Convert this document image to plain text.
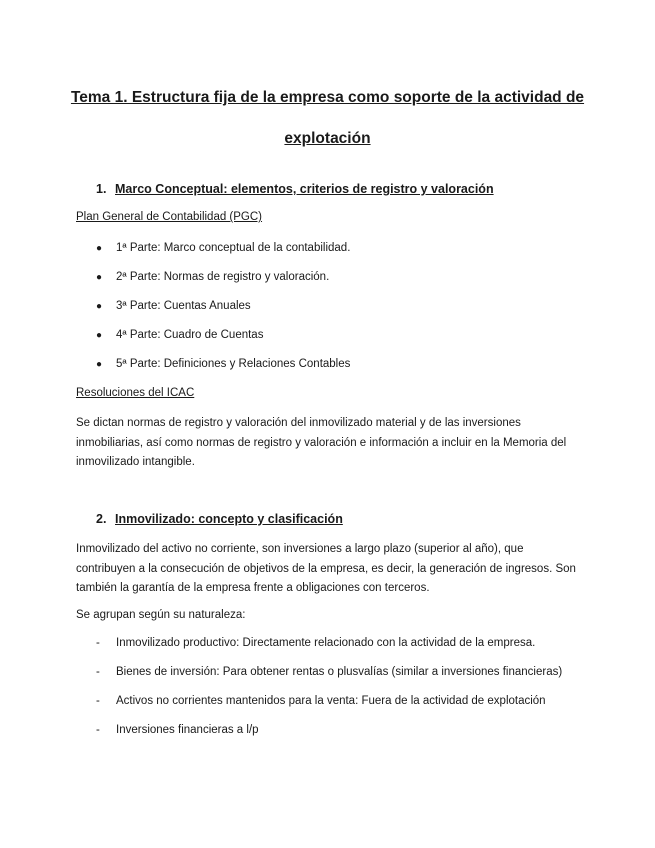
Tema 1. Estructura fija de la empresa como soporte de la actividad de
explotación
1. Marco Conceptual: elementos, criterios de registro y valoración
Plan General de Contabilidad (PGC)
● 1ª Parte: Marco conceptual de la contabilidad.
● 2ª Parte: Normas de registro y valoración.
● 3ª Parte: Cuentas Anuales
● 4ª Parte: Cuadro de Cuentas
● 5ª Parte: Definiciones y Relaciones Contables
Resoluciones del ICAC
Se dictan normas de registro y valoración del inmovilizado material y de las inversiones inmobiliarias, así como normas de registro y valoración e información a incluir en la Memoria del inmovilizado intangible.
2. Inmovilizado: concepto y clasificación
Inmovilizado del activo no corriente, son inversiones a largo plazo (superior al año), que contribuyen a la consecución de objetivos de la empresa, es decir, la generación de ingresos. Son también la garantía de la empresa frente a obligaciones con terceros.
Se agrupan según su naturaleza:
- Inmovilizado productivo: Directamente relacionado con la actividad de la empresa.
- Bienes de inversión: Para obtener rentas o plusvalías (similar a inversiones financieras)
- Activos no corrientes mantenidos para la venta: Fuera de la actividad de explotación
- Inversiones financieras a l/p
